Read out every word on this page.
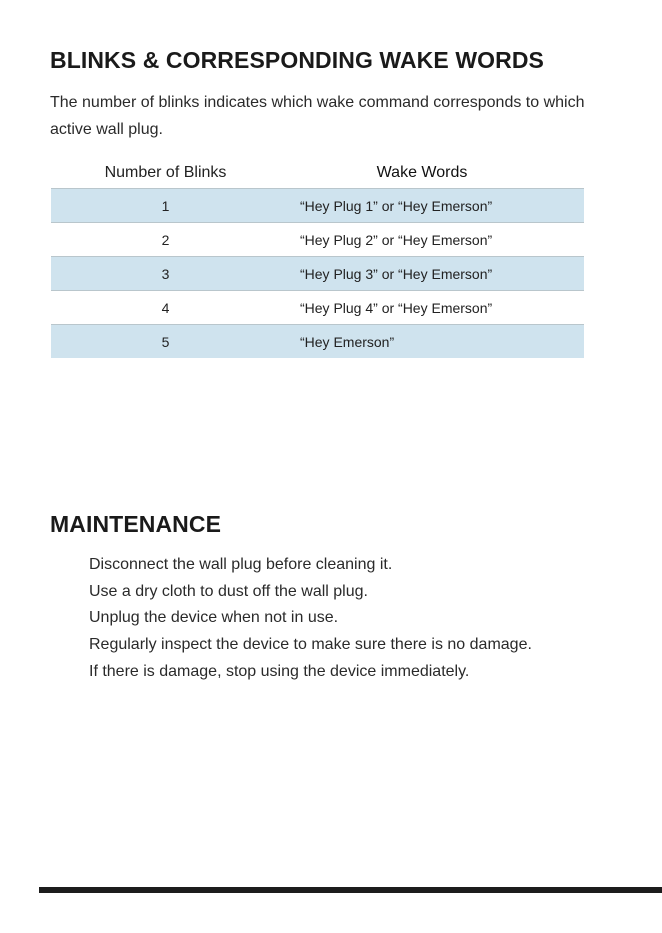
BLINKS & CORRESPONDING WAKE WORDS

The number of blinks indicates which wake command corresponds to which active wall plug.

Number of Blinks	Wake Words
1	“Hey Plug 1” or “Hey Emerson”
2	“Hey Plug 2” or “Hey Emerson”
3	“Hey Plug 3” or “Hey Emerson”
4	“Hey Plug 4” or “Hey Emerson”
5	“Hey Emerson”
MAINTENANCE
Disconnect the wall plug before cleaning it.
Use a dry cloth to dust off the wall plug.
Unplug the device when not in use.
Regularly inspect the device to make sure there is no damage.
If there is damage, stop using the device immediately.
